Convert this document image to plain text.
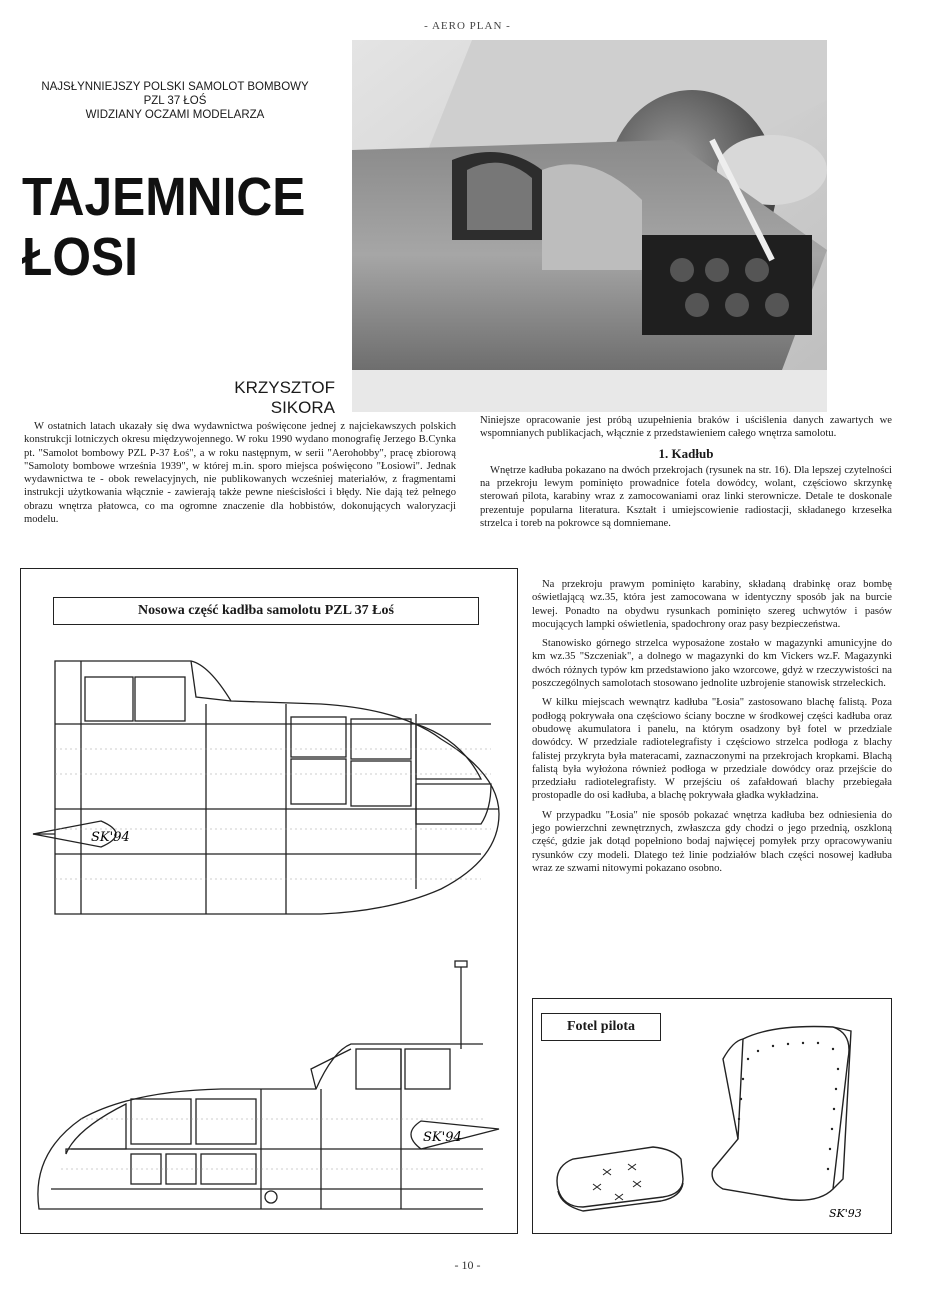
- AERO PLAN -
NAJSŁYNNIEJSZY POLSKI SAMOLOT BOMBOWY
PZL 37 ŁOŚ
WIDZIANY OCZAMI MODELARZA
TAJEMNICE
ŁOSI
KRZYSZTOF SIKORA

W ostatnich latach ukazały się dwa wydawnictwa poświęcone jednej z najciekawszych polskich konstrukcji lotniczych okresu międzywojennego. W roku 1990 wydano monografię Jerzego B.Cynka pt. "Samolot bombowy PZL P-37 Łoś", a w roku następnym, w serii "Aerohobby", pracę zbiorową "Samoloty bombowe września 1939", w której m.in. sporo miejsca poświęcono "Łosiowi". Jednak wydawnictwa te - obok rewelacyjnych, nie publikowanych wcześniej materiałów, z fragmentami instrukcji użytkowania włącznie - zawierają także pewne nieścisłości i błędy. Nie dają też pełnego obrazu wnętrza płatowca, co ma ogromne znaczenie dla hobbistów, dokonujących waloryzacji modelu.

Niniejsze opracowanie jest próbą uzupełnienia braków i uściślenia danych zawartych we wspomnianych publikacjach, włącznie z przedstawieniem całego wnętrza samolotu.

1. Kadłub

Wnętrze kadłuba pokazano na dwóch przekrojach (rysunek na str. 16). Dla lepszej czytelności na przekroju lewym pominięto prowadnice fotela dowódcy, wolant, częściowo skrzynkę sterowań pilota, karabiny wraz z zamocowaniami oraz linki sterownicze. Detale te doskonale prezentuje popularna literatura. Kształt i umiejscowienie radiostacji, składanego krzesełka strzelca i toreb na pokrowce są domniemane.

Na przekroju prawym pominięto karabiny, składaną drabinkę oraz bombę oświetlającą wz.35, która jest zamocowana w identyczny sposób jak na burcie lewej. Ponadto na obydwu rysunkach pominięto szereg uchwytów i pasów mocujących lampki oświetlenia, spadochrony oraz pasy bezpieczeństwa.

Stanowisko górnego strzelca wyposażone zostało w magazynki amunicyjne do km wz.35 "Szczeniak", a dolnego w magazynki do km Vickers wz.F. Magazynki dwóch różnych typów km przedstawiono jako wzorcowe, gdyż w rzeczywistości na poszczególnych samolotach stosowano jednolite uzbrojenie stanowisk strzeleckich.

W kilku miejscach wewnątrz kadłuba "Łosia" zastosowano blachę falistą. Poza podłogą pokrywała ona częściowo ściany boczne w środkowej części kadłuba oraz obudowę akumulatora i panelu, na którym osadzony był fotel w przedziale dowódcy. W przedziale radiotelegrafisty i częściowo strzelca podłoga z blachy falistej przykryta była materacami, zaznaczonymi na przekrojach kropkami. Blachą falistą była wyłożona również podłoga w przedziale dowódcy oraz przejście do przedziału radiotelegrafisty. W przejściu oś zafałdowań blachy przebiegała prostopadle do osi kadłuba, a blachę pokrywała gładka wykładzina.

W przypadku "Łosia" nie sposób pokazać wnętrza kadłuba bez odniesienia do jego powierzchni zewnętrznych, zwłaszcza gdy chodzi o jego przednią, oszkloną część, gdzie jak dotąd popełniono bodaj najwięcej pomyłek przy opracowywaniu rysunków czy modeli. Dlatego też linie podziałów blach części nosowej kadłuba wraz ze szwami nitowymi pokazano osobno.

Nosowa część kadłba samolotu PZL 37 Łoś
SK'94
SK'94
Fotel pilota
SK'93
- 10 -
